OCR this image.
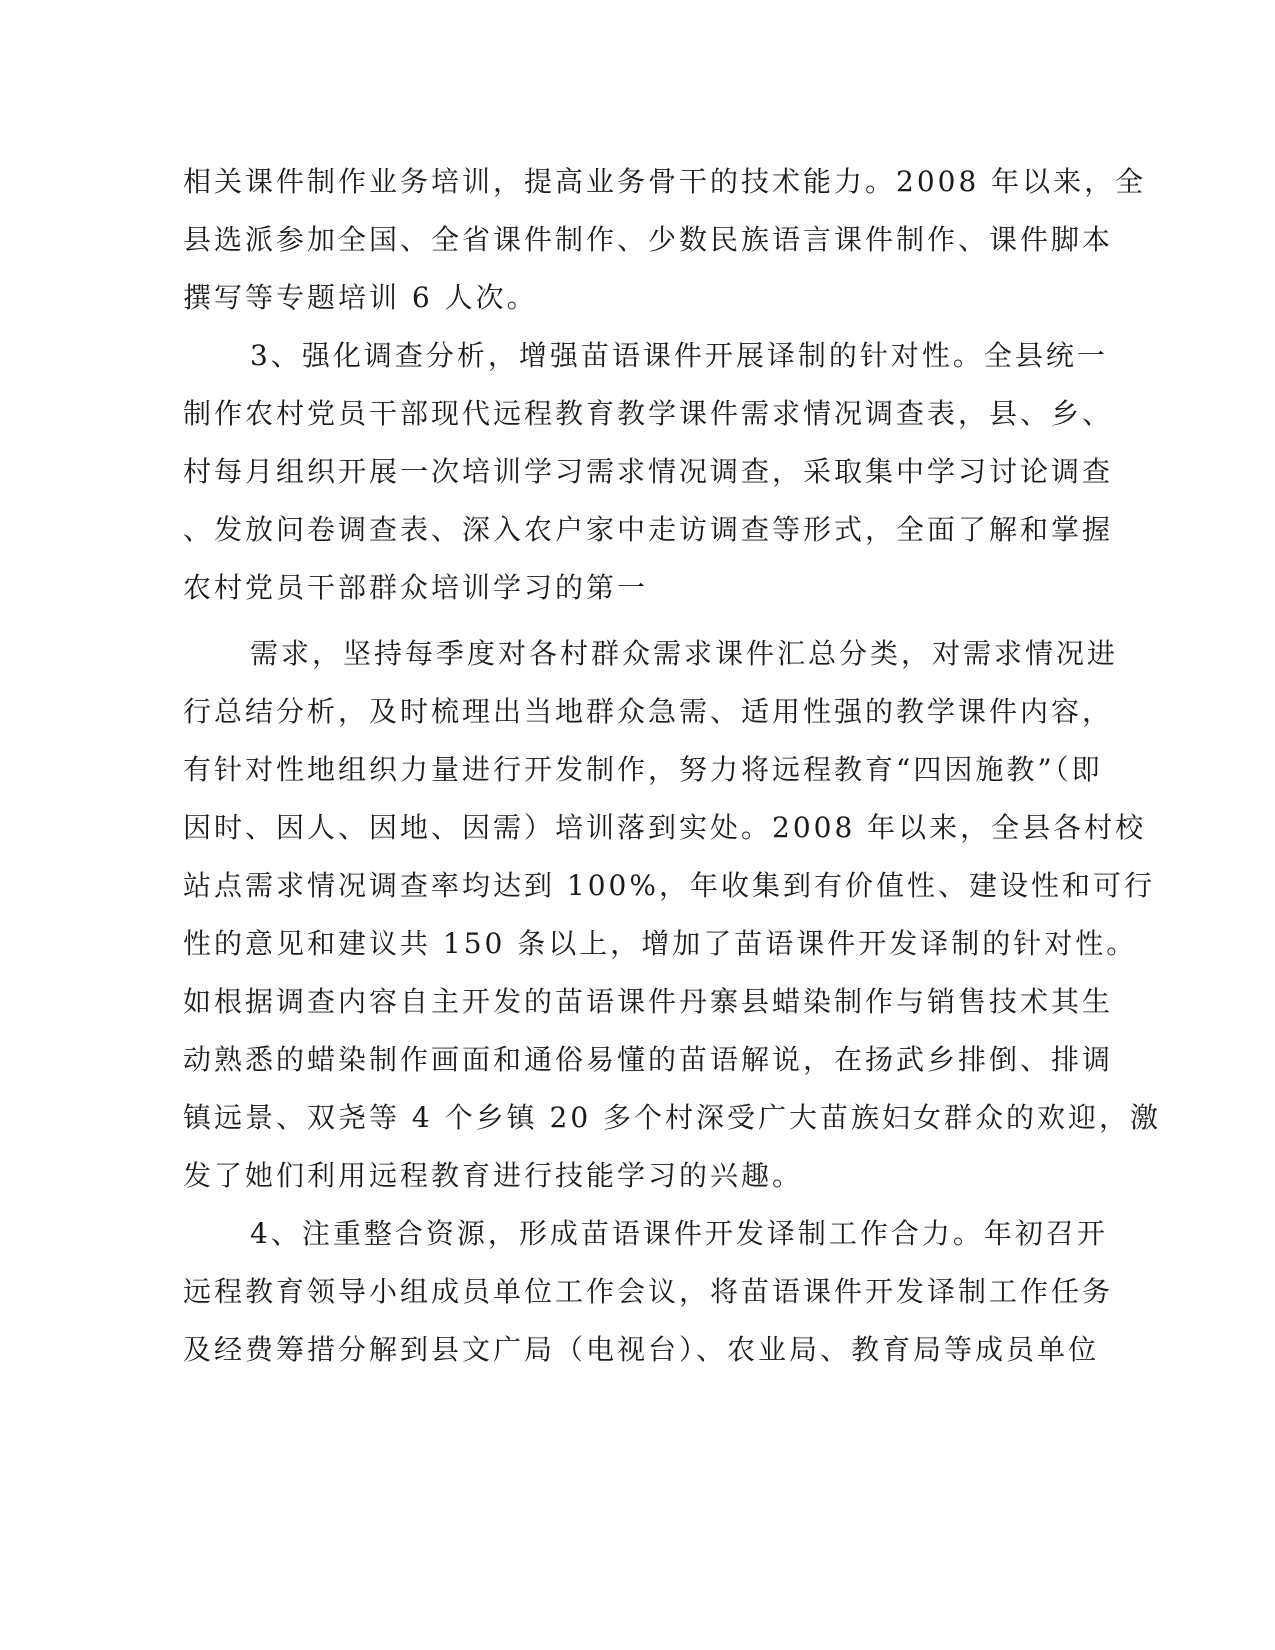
相关课件制作业务培训，提高业务骨干的技术能力。2008 年以来，全
县选派参加全国、全省课件制作、少数民族语言课件制作、课件脚本
撰写等专题培训 6 人次。
3、强化调查分析，增强苗语课件开展译制的针对性。全县统一
制作农村党员干部现代远程教育教学课件需求情况调查表，县、乡、
村每月组织开展一次培训学习需求情况调查，采取集中学习讨论调查
、发放问卷调查表、深入农户家中走访调查等形式，全面了解和掌握
农村党员干部群众培训学习的第一
需求，坚持每季度对各村群众需求课件汇总分类，对需求情况进
行总结分析，及时梳理出当地群众急需、适用性强的教学课件内容，
有针对性地组织力量进行开发制作，努力将远程教育“四因施教”（即
因时、因人、因地、因需）培训落到实处。2008 年以来，全县各村校
站点需求情况调查率均达到 100%，年收集到有价值性、建设性和可行
性的意见和建议共 150 条以上，增加了苗语课件开发译制的针对性。
如根据调查内容自主开发的苗语课件丹寨县蜡染制作与销售技术其生
动熟悉的蜡染制作画面和通俗易懂的苗语解说，在扬武乡排倒、排调
镇远景、双尧等 4 个乡镇 20 多个村深受广大苗族妇女群众的欢迎，激
发了她们利用远程教育进行技能学习的兴趣。
4、注重整合资源，形成苗语课件开发译制工作合力。年初召开
远程教育领导小组成员单位工作会议，将苗语课件开发译制工作任务
及经费筹措分解到县文广局（电视台）、农业局、教育局等成员单位
